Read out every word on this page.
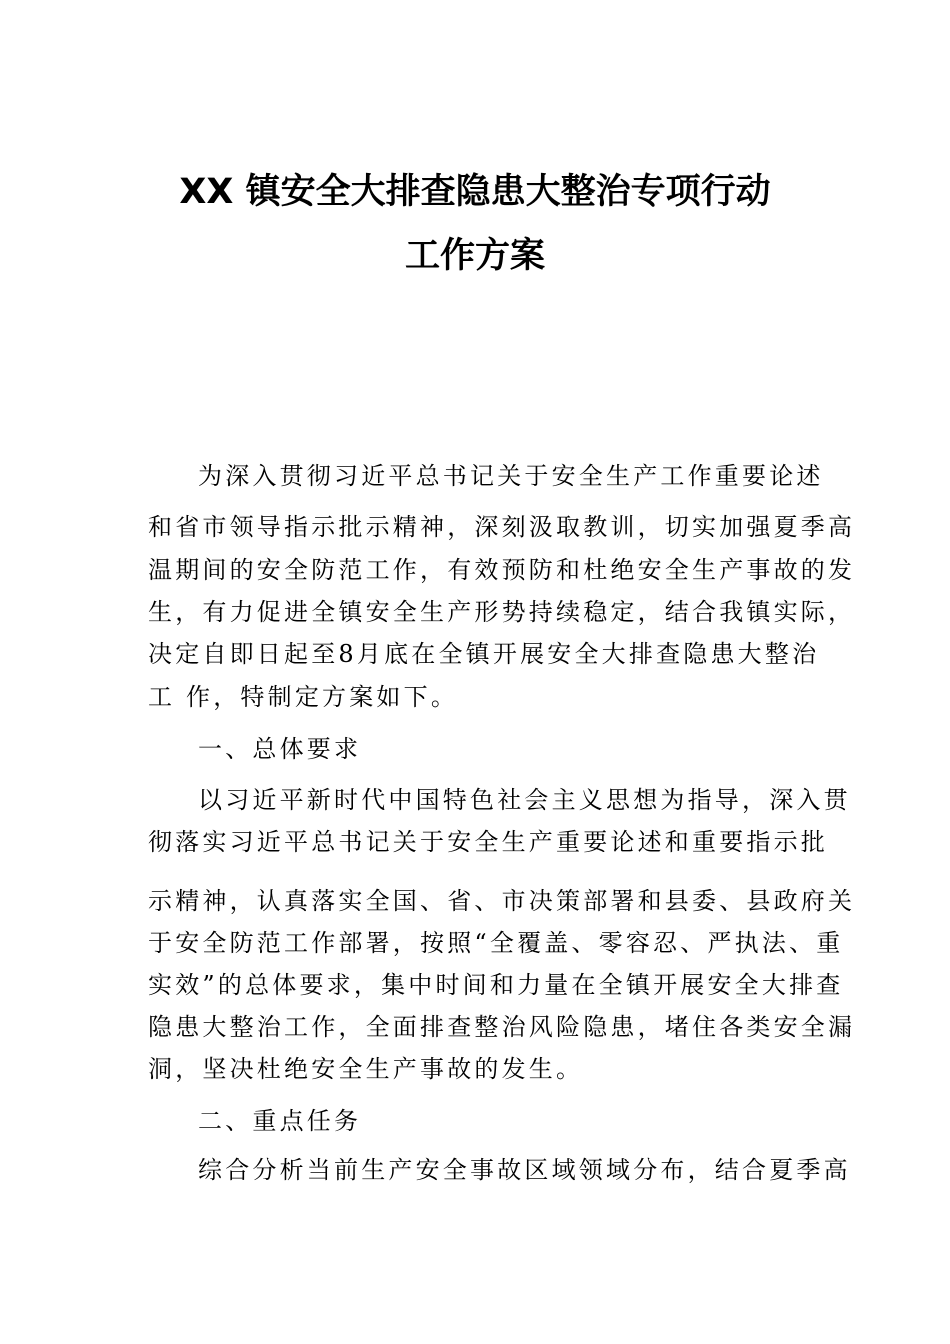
XX 镇安全大排查隐患大整治专项行动
工作方案

为深入贯彻习近平总书记关于安全生产工作重要论述

和省市领导指示批示精神，深刻汲取教训，切实加强夏季高

温期间的安全防范工作，有效预防和杜绝安全生产事故的发

生，有力促进全镇安全生产形势持续稳定，结合我镇实际，

决定自即日起至8月底在全镇开展安全大排查隐患大整治

工 作，特制定方案如下。

一、总体要求

以习近平新时代中国特色社会主义思想为指导，深入贯

彻落实习近平总书记关于安全生产重要论述和重要指示批

示精神，认真落实全国、省、市决策部署和县委、县政府关

于安全防范工作部署，按照“全覆盖、零容忍、严执法、重

实效”的总体要求，集中时间和力量在全镇开展安全大排查

隐患大整治工作，全面排查整治风险隐患，堵住各类安全漏

洞，坚决杜绝安全生产事故的发生。

二、重点任务

综合分析当前生产安全事故区域领域分布，结合夏季高
